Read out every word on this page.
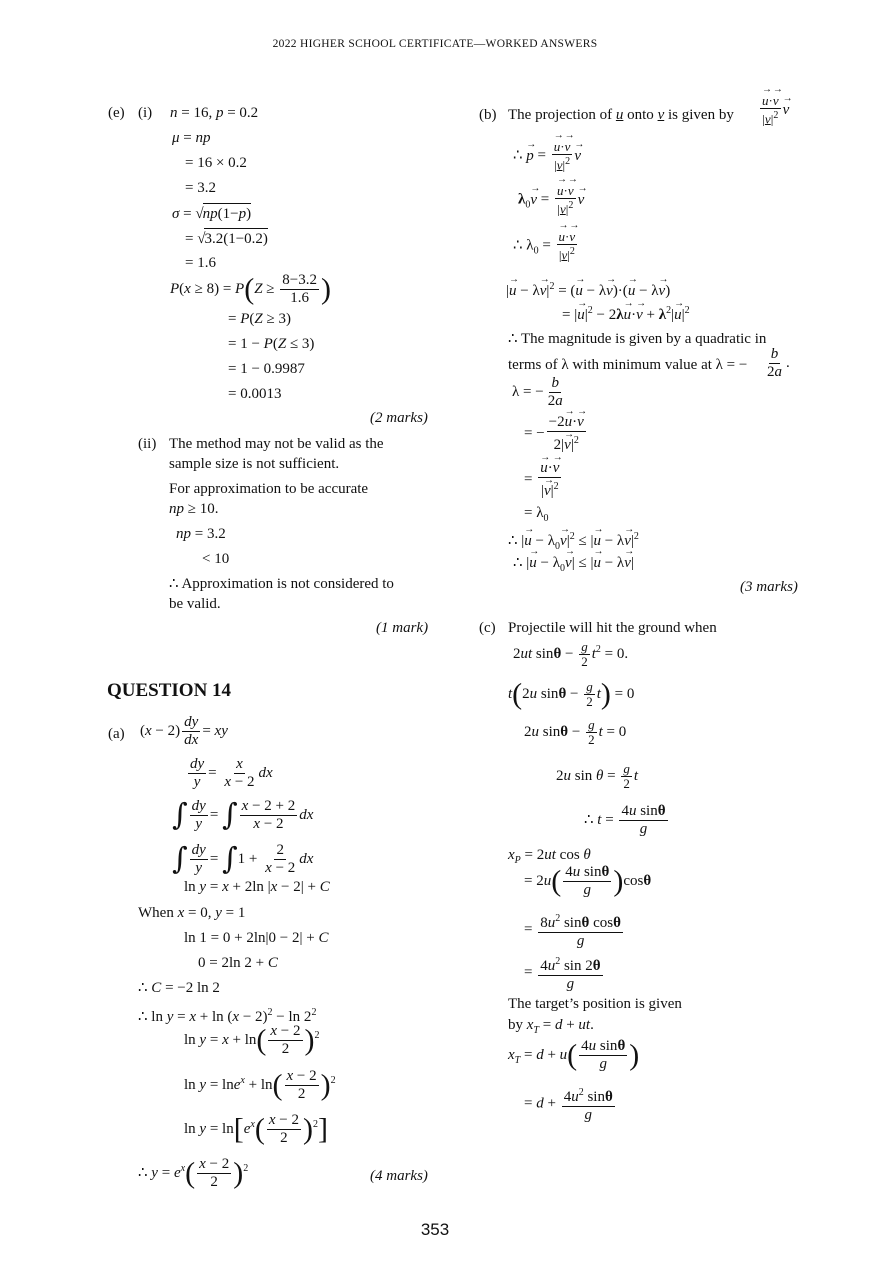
2022 HIGHER SCHOOL CERTIFICATE—WORKED ANSWERS
(e) (i) n = 16, p = 0.2
μ = np
= 16 × 0.2
= 3.2
σ = √np(1−p)
= √3.2(1−0.2)
= 1.6
$P(x \ge 8) = P(Z \ge \frac{8-3.2}{1.6}$ )
= P(Z ≥ 3)
= 1 − P(Z ≤ 3)
= 1 − 0.9987
= 0.0013
(2 marks)
(ii) The method may not be valid as the
sample size is not sufficient.
For approximation to be accurate
np ≥ 10.
np = 3.2
< 10
∴ Approximation is not considered to
be valid.
(1 mark)
QUESTION 14
(a) $(x - 2) \frac{dy}{dx}$ = xy
$\frac{dy}{y} = \frac{x}{x - 2}$ dx
∫ $\frac{dy}{y}$ = ∫ $\frac{x - 2 + 2}{x - 2}$ dx
∫ $\frac{dy}{y} = \int 1 + \frac{2}{x - 2}$ dx
ln y = x + 2ln |x − 2| + C
When x = 0, y = 1
ln 1 = 0 + 2ln|0 − 2| + C
0 = 2ln 2 + C
∴ C = −2 ln 2
∴ $\ln y = x + \ln (x - 2)^2 - \ln 2^2$
$\ln y = x + \ln( \frac{x - 2}{2} )^2$
$\ln y = \ln e^x + \ln( \frac{x - 2}{2} )^2$
$\ln y = \ln[e^x( \frac{x - 2}{2} )^2]$
∴ $y = e^x( \frac{x - 2}{2} )^2$	(4 marks)
(b) The projection of u onto v is given by
→ $\frac{u\cdot\to v}{|v|^2}$
→ v
∴ → p =
→ $\frac{u\cdot\to v}{|v|^2}$
→ v
$\lambda_0\to v$ =
→ $\frac{u\cdot\to v}{|v|^2}$
→ v
∴ $\lambda_0$ =
→ $\frac{u\cdot\to v}{|v|^2}$
|→ $u - \lambda\to v|^2$ = (→ u − λ→ v)·(→ u − λ→ v)
= |→ $u|^2 - 2\lambda\to u\cdot\to v + \lambda^2|\to u|^2$
∴ The magnitude is given by a quadratic in
terms of λ with minimum value at λ = − $\frac{b}{2a}$ .
λ = − $\frac{b}{2a}$
= − $\frac{-2\to u\cdot\to v}{2|\to v|^2}$
=
→ $\frac{u\cdot\to v}{|\to v|^2}$
= $\lambda_0$
∴ |→ $u - \lambda_0\to v|^2$ ≤ |→ $u - \lambda\to v|^2$
∴ |→ $u - \lambda_0\to v|$ ≤ |→ u − λ→ v|
(3 marks)
(c) Projectile will hit the ground when
2ut $\sin\theta - \frac{g}{2} t^2 = 0$.
t(2u $\sin\theta - \frac{g}{2} t) = 0$
2u $\sin\theta - \frac{g}{2}$ t = 0
2u $\sin \theta = \frac{g}{2}$ t
∴ $t = \frac{\text{4u sinθ}}{g}$
$x_P = 2ut$ cos θ
= $2u( \frac{\text{4u sinθ}}{g} )\cos\theta$
= $\frac{8u^2 \sin\theta \cos\theta}{g}$
= $\frac{4u^2 \sin 2\theta}{g}$
The target’s position is given
by $x_T = d$ + ut.
$x_T = d + u( \frac{\text{4u sinθ}}{g}$ )
= $d + \frac{4u^2 \sin\theta}{g}$
353
